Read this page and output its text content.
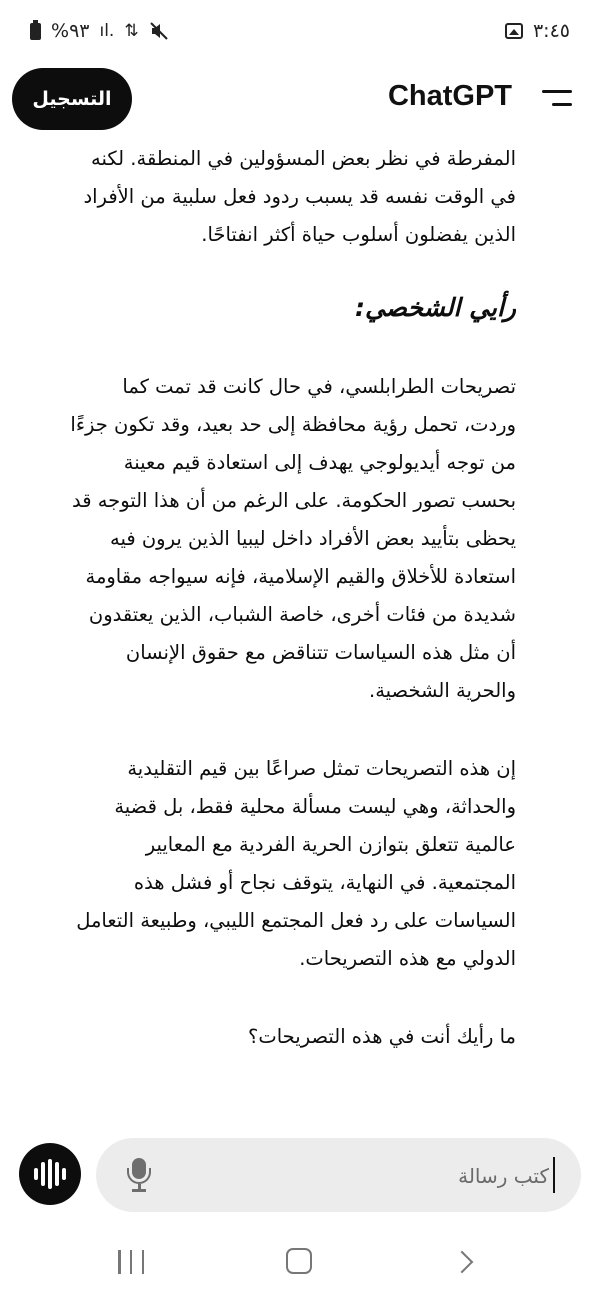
%٩٣ ıl. ⇅	٣:٤٥
التسجيل	ChatGPT

المفرطة في نظر بعض المسؤولين في المنطقة. لكنه في الوقت نفسه قد يسبب ردود فعل سلبية من الأفراد الذين يفضلون أسلوب حياة أكثر انفتاحًا.

رأيي الشخصي:

تصريحات الطرابلسي، في حال كانت قد تمت كما وردت، تحمل رؤية محافظة إلى حد بعيد، وقد تكون جزءًا من توجه أيديولوجي يهدف إلى استعادة قيم معينة بحسب تصور الحكومة. على الرغم من أن هذا التوجه قد يحظى بتأييد بعض الأفراد داخل ليبيا الذين يرون فيه استعادة للأخلاق والقيم الإسلامية، فإنه سيواجه مقاومة شديدة من فئات أخرى، خاصة الشباب، الذين يعتقدون أن مثل هذه السياسات تتناقض مع حقوق الإنسان والحرية الشخصية.

إن هذه التصريحات تمثل صراعًا بين قيم التقليدية والحداثة، وهي ليست مسألة محلية فقط، بل قضية عالمية تتعلق بتوازن الحرية الفردية مع المعايير المجتمعية. في النهاية، يتوقف نجاح أو فشل هذه السياسات على رد فعل المجتمع الليبي، وطبيعة التعامل الدولي مع هذه التصريحات.

ما رأيك أنت في هذه التصريحات؟

كتب رسالة
